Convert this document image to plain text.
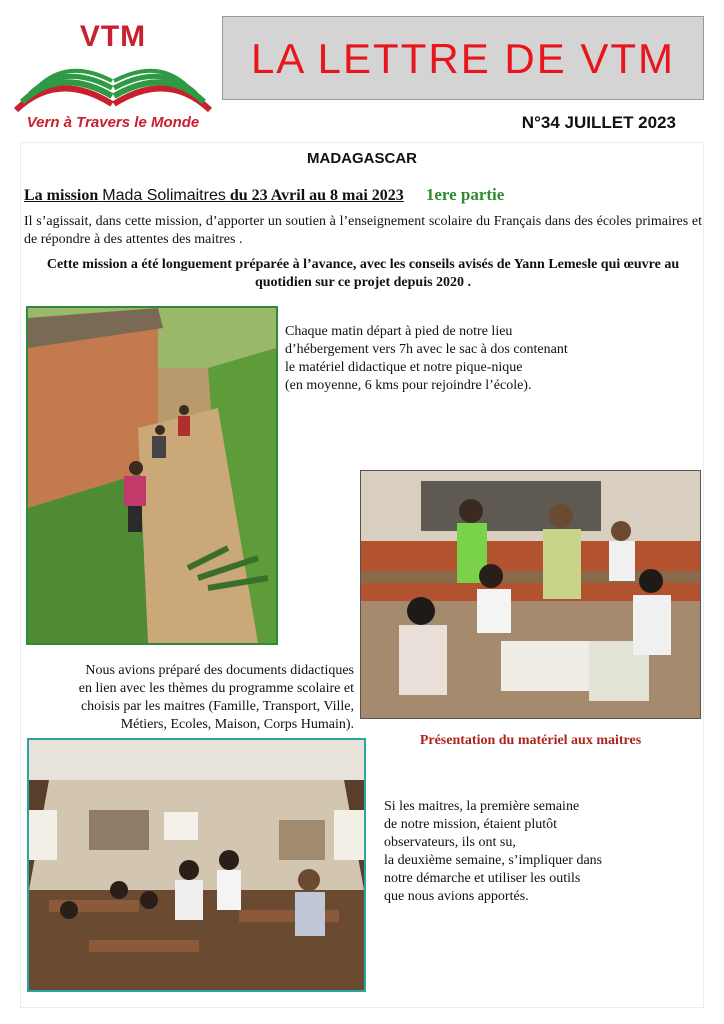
VTM
Vern à Travers le Monde
LA LETTRE DE VTM
N°34 JUILLET 2023
MADAGASCAR
La mission Mada Solimaitres du 23 Avril au 8 mai 2023 1ere partie
Il s’agissait, dans cette mission, d’apporter un soutien à l’enseignement scolaire du Français dans des écoles primaires et de répondre à des attentes des maitres .
Cette mission a été longuement préparée à l’avance, avec les conseils avisés de Yann Lemesle qui œuvre au quotidien sur ce projet depuis 2020 .
Chaque matin départ à pied de notre lieu
d’hébergement vers 7h avec le sac à dos contenant
le matériel didactique et notre pique-nique
(en moyenne, 6 kms pour rejoindre l’école).
Nous avions préparé des documents didactiques
en lien avec les thèmes du programme scolaire et
choisis par les maitres (Famille, Transport, Ville,
Métiers, Ecoles, Maison, Corps Humain).
Présentation du matériel aux maitres
Si les maitres, la première semaine
de notre mission, étaient plutôt
observateurs, ils ont su,
la deuxième semaine, s’impliquer dans
notre démarche et utiliser les outils
que nous avions apportés.
